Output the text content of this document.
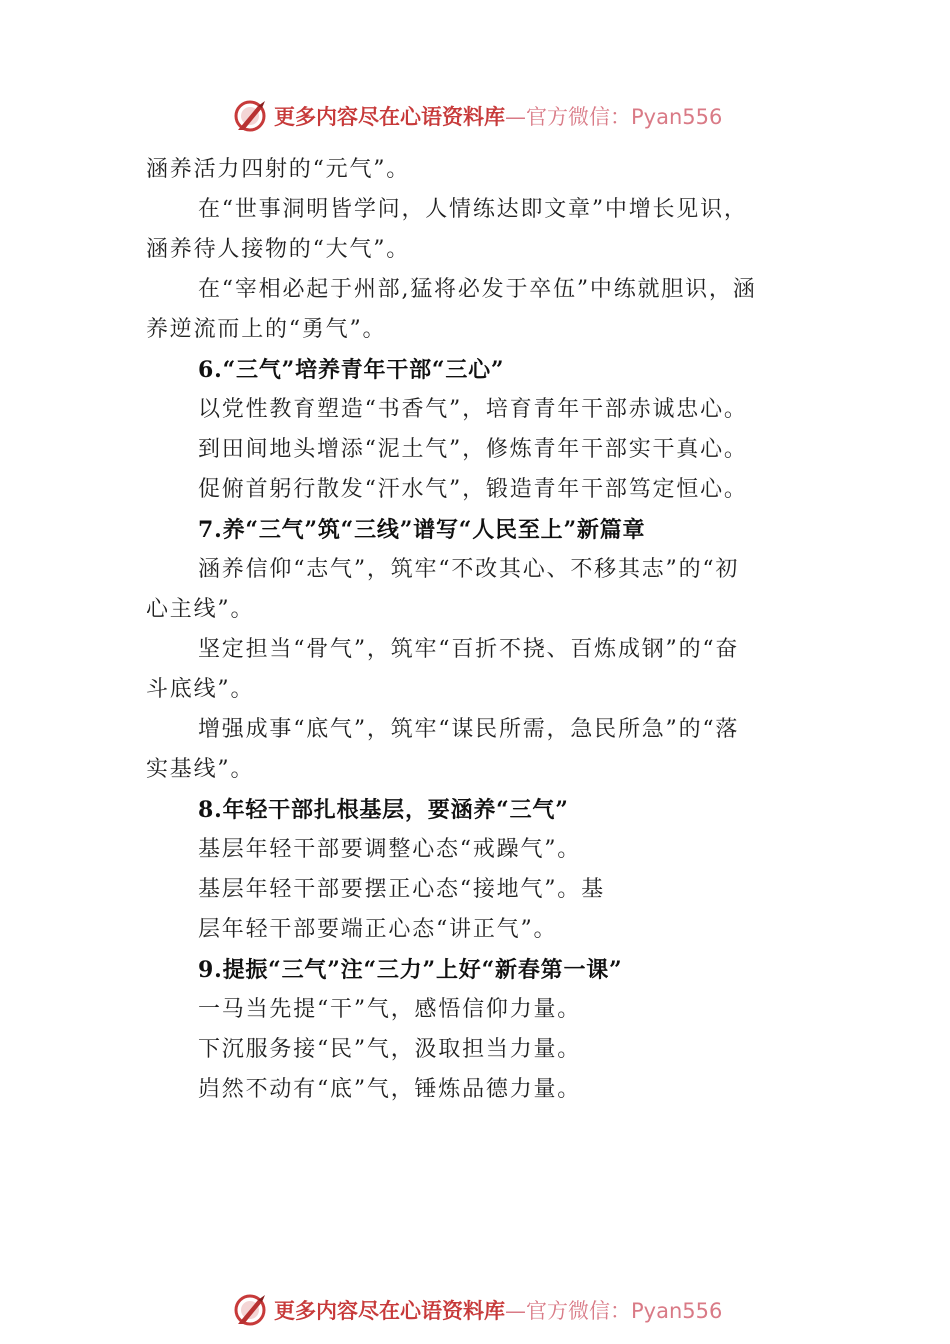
更多内容尽在心语资料库 —官方微信：Pyan556

涵养活力四射的“元气”。

在“世事洞明皆学问，人情练达即文章”中增长见识，

涵养待人接物的“大气”。

在“宰相必起于州部,猛将必发于卒伍”中练就胆识，涵

养逆流而上的“勇气”。

6.“三气”培养青年干部“三心”

以党性教育塑造“书香气”，培育青年干部赤诚忠心。

到田间地头增添“泥土气”，修炼青年干部实干真心。

促俯首躬行散发“汗水气”，锻造青年干部笃定恒心。

7.养“三气”筑“三线”谱写“人民至上”新篇章

涵养信仰“志气”，筑牢“不改其心、不移其志”的“初

心主线”。

坚定担当“骨气”，筑牢“百折不挠、百炼成钢”的“奋

斗底线”。

增强成事“底气”，筑牢“谋民所需，急民所急”的“落

实基线”。

8.年轻干部扎根基层，要涵养“三气”

基层年轻干部要调整心态“戒躁气”。

基层年轻干部要摆正心态“接地气”。基

层年轻干部要端正心态“讲正气”。

9.提振“三气”注“三力”上好“新春第一课”

一马当先提“干”气，感悟信仰力量。

下沉服务接“民”气，汲取担当力量。

岿然不动有“底”气，锤炼品德力量。

更多内容尽在心语资料库 —官方微信：Pyan556
